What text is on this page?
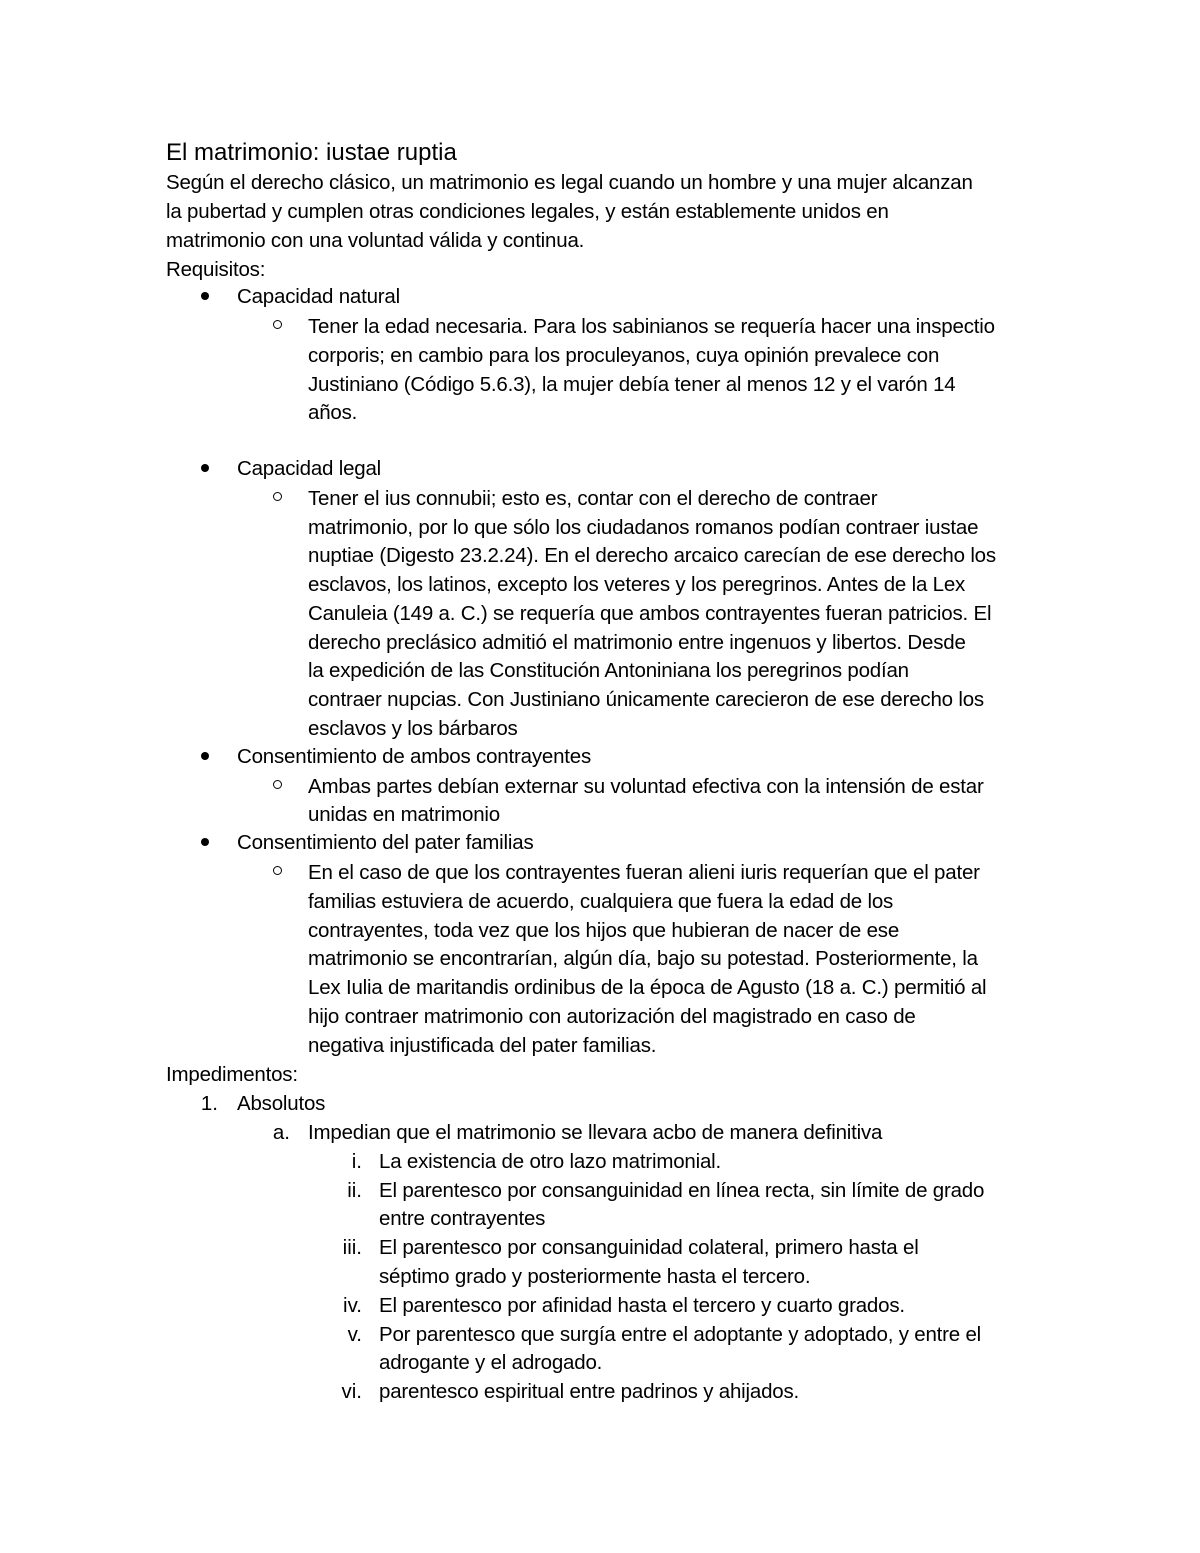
El matrimonio: iustae ruptia
Según el derecho clásico, un matrimonio es legal cuando un hombre y una mujer alcanzan
la pubertad y cumplen otras condiciones legales, y están establemente unidos en
matrimonio con una voluntad válida y continua.
Requisitos:
Capacidad natural
Tener la edad necesaria. Para los sabinianos se requería hacer una inspectio
corporis; en cambio para los proculeyanos, cuya opinión prevalece con
Justiniano (Código 5.6.3), la mujer debía tener al menos 12 y el varón 14
años.
Capacidad legal
Tener el ius connubii; esto es, contar con el derecho de contraer
matrimonio, por lo que sólo los ciudadanos romanos podían contraer iustae
nuptiae (Digesto 23.2.24). En el derecho arcaico carecían de ese derecho los
esclavos, los latinos, excepto los veteres y los peregrinos. Antes de la Lex
Canuleia (149 a. C.) se requería que ambos contrayentes fueran patricios. El
derecho preclásico admitió el matrimonio entre ingenuos y libertos. Desde
la expedición de las Constitución Antoniniana los peregrinos podían
contraer nupcias. Con Justiniano únicamente carecieron de ese derecho los
esclavos y los bárbaros
Consentimiento de ambos contrayentes
Ambas partes debían externar su voluntad efectiva con la intensión de estar
unidas en matrimonio
Consentimiento del pater familias
En el caso de que los contrayentes fueran alieni iuris requerían que el pater
familias estuviera de acuerdo, cualquiera que fuera la edad de los
contrayentes, toda vez que los hijos que hubieran de nacer de ese
matrimonio se encontrarían, algún día, bajo su potestad. Posteriormente, la
Lex Iulia de maritandis ordinibus de la época de Agusto (18 a. C.) permitió al
hijo contraer matrimonio con autorización del magistrado en caso de
negativa injustificada del pater familias.
Impedimentos:
1. Absolutos
a. Impedian que el matrimonio se llevara acbo de manera definitiva
i. La existencia de otro lazo matrimonial.
ii. El parentesco por consanguinidad en línea recta, sin límite de grado
entre contrayentes
iii. El parentesco por consanguinidad colateral, primero hasta el
séptimo grado y posteriormente hasta el tercero.
iv. El parentesco por afinidad hasta el tercero y cuarto grados.
v. Por parentesco que surgía entre el adoptante y adoptado, y entre el
adrogante y el adrogado.
vi. parentesco espiritual entre padrinos y ahijados.
